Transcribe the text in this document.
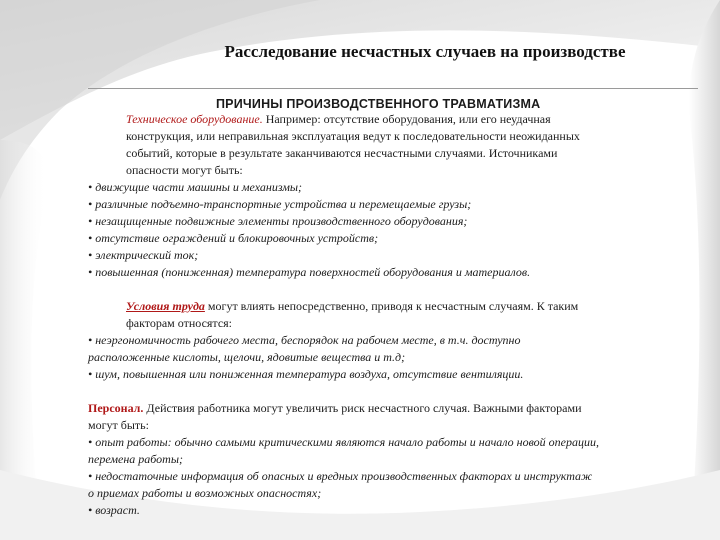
Расследование несчастных случаев на производстве
ПРИЧИНЫ ПРОИЗВОДСТВЕННОГО ТРАВМАТИЗМА

Техническое оборудование. Например: отсутствие оборудования, или его неудачная

конструкция, или неправильная эксплуатация ведут к последовательности неожиданных

событий, которые в результате заканчиваются несчастными случаями. Источниками

опасности могут быть:

• движущие части машины и механизмы;

• различные подъемно-транспортные устройства и перемещаемые грузы;

• незащищенные подвижные элементы производственного оборудования;

• отсутствие ограждений и блокировочных устройств;

• электрический ток;

• повышенная (пониженная) температура поверхностей оборудования и материалов.

Условия труда могут влиять непосредственно, приводя к несчастным случаям. К таким

факторам относятся:

• неэргономичность рабочего места, беспорядок на рабочем месте, в т.ч. доступно

расположенные кислоты, щелочи, ядовитые вещества и т.д;

• шум, повышенная или пониженная температура воздуха, отсутствие вентиляции.

Персонал. Действия работника могут увеличить риск несчастного случая. Важными факторами

могут быть:

• опыт работы: обычно самыми критическими являются начало работы и начало новой операции,

перемена работы;

• недостаточные информация об опасных и вредных производственных факторах и инструктаж

о приемах работы и возможных опасностях;

• возраст.
